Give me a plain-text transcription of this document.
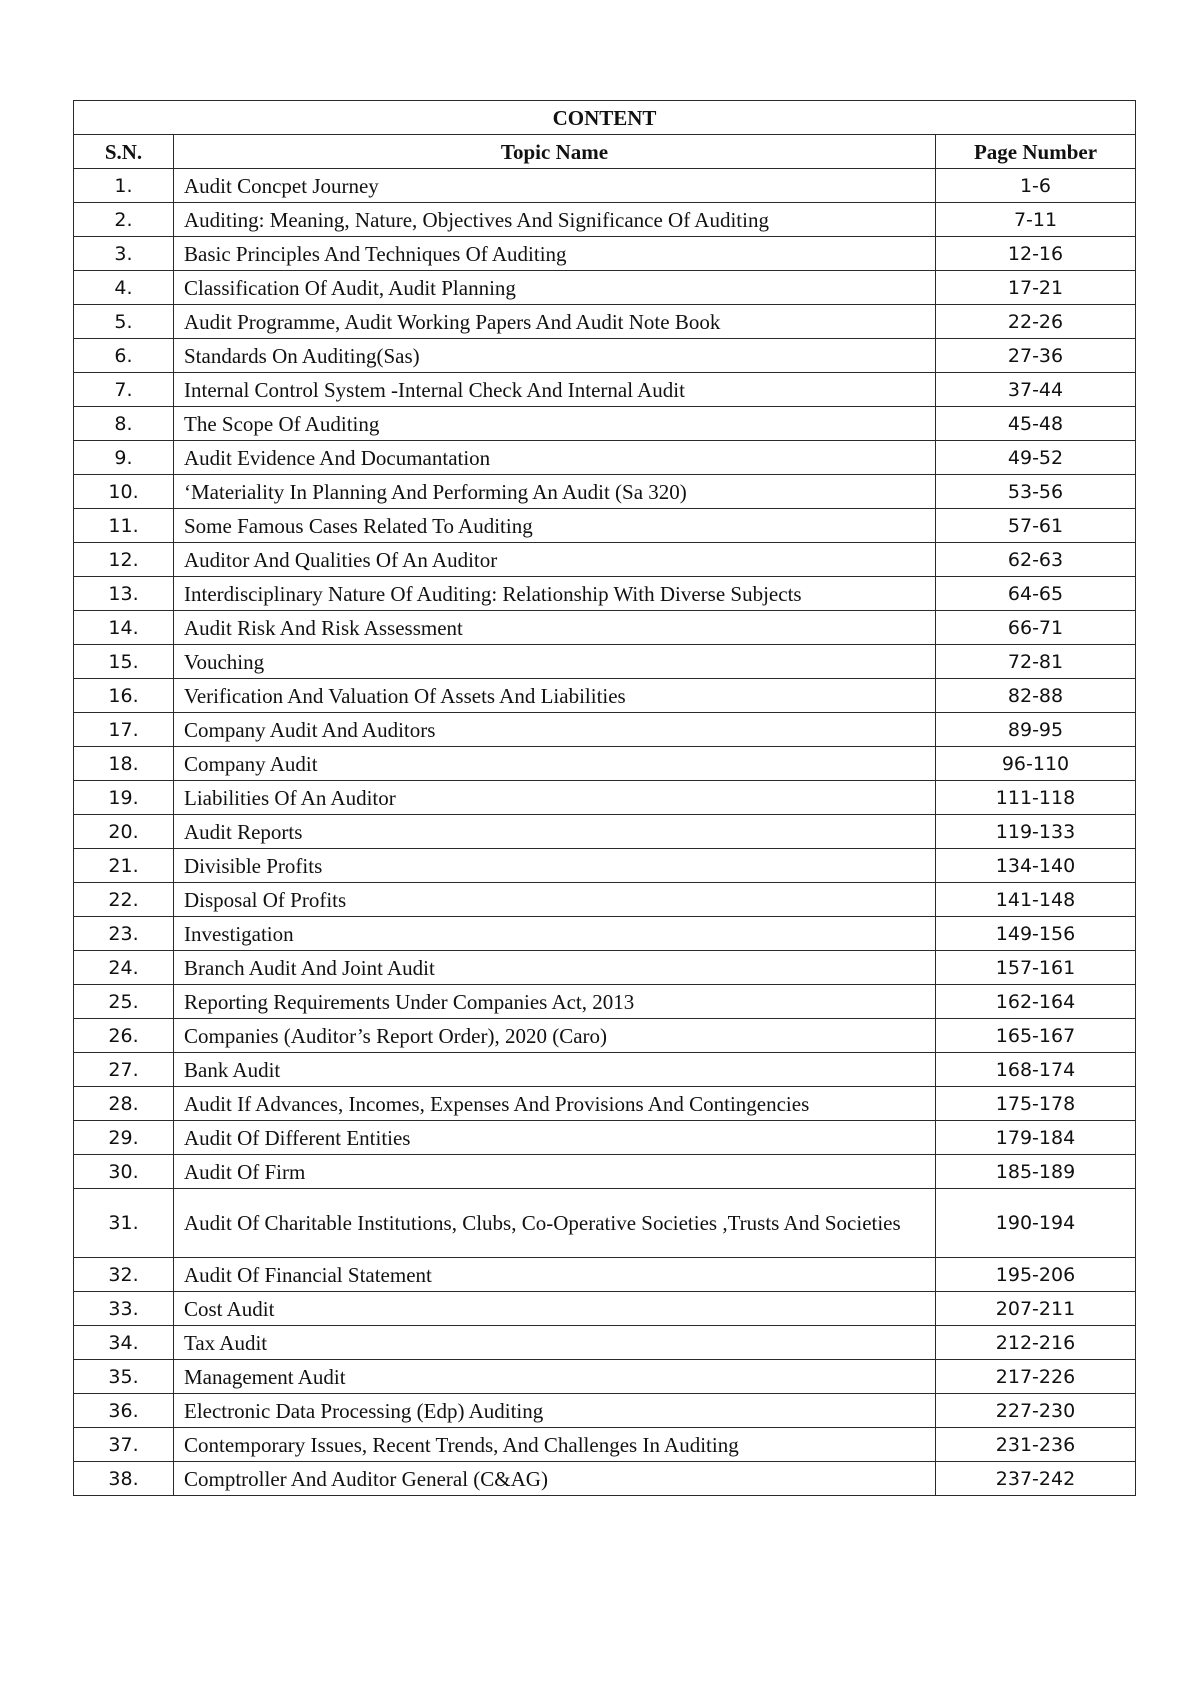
CONTENT		
S.N.	Topic Name	Page Number
1.	Audit Concpet Journey	1-6
2.	Auditing: Meaning, Nature, Objectives And Significance Of Auditing	7-11
3.	Basic Principles And Techniques Of Auditing	12-16
4.	Classification Of Audit, Audit Planning	17-21
5.	Audit Programme, Audit Working Papers And Audit Note Book	22-26
6.	Standards On Auditing(Sas)	27-36
7.	Internal Control System -Internal Check And Internal Audit	37-44
8.	The Scope Of Auditing	45-48
9.	Audit Evidence And Documantation	49-52
10.	‘Materiality In Planning And Performing An Audit (Sa 320)	53-56
11.	Some Famous Cases Related To Auditing	57-61
12.	Auditor And Qualities Of An Auditor	62-63
13.	Interdisciplinary Nature Of Auditing: Relationship With Diverse Subjects	64-65
14.	Audit Risk And Risk Assessment	66-71
15.	Vouching	72-81
16.	Verification And Valuation Of Assets And Liabilities	82-88
17.	Company Audit And Auditors	89-95
18.	Company Audit	96-110
19.	Liabilities Of An Auditor	111-118
20.	Audit Reports	119-133
21.	Divisible Profits	134-140
22.	Disposal Of Profits	141-148
23.	Investigation	149-156
24.	Branch Audit And Joint Audit	157-161
25.	Reporting Requirements Under Companies Act, 2013	162-164
26.	Companies (Auditor’s Report Order), 2020 (Caro)	165-167
27.	Bank Audit	168-174
28.	Audit If Advances, Incomes, Expenses And Provisions And Contingencies	175-178
29.	Audit Of Different Entities	179-184
30.	Audit Of Firm	185-189
31.	Audit Of Charitable Institutions, Clubs, Co-Operative Societies ,Trusts And Societies	190-194
32.	Audit Of Financial Statement	195-206
33.	Cost Audit	207-211
34.	Tax Audit	212-216
35.	Management Audit	217-226
36.	Electronic Data Processing (Edp) Auditing	227-230
37.	Contemporary Issues, Recent Trends, And Challenges In Auditing	231-236
38.	Comptroller And Auditor General (C&AG)	237-242
